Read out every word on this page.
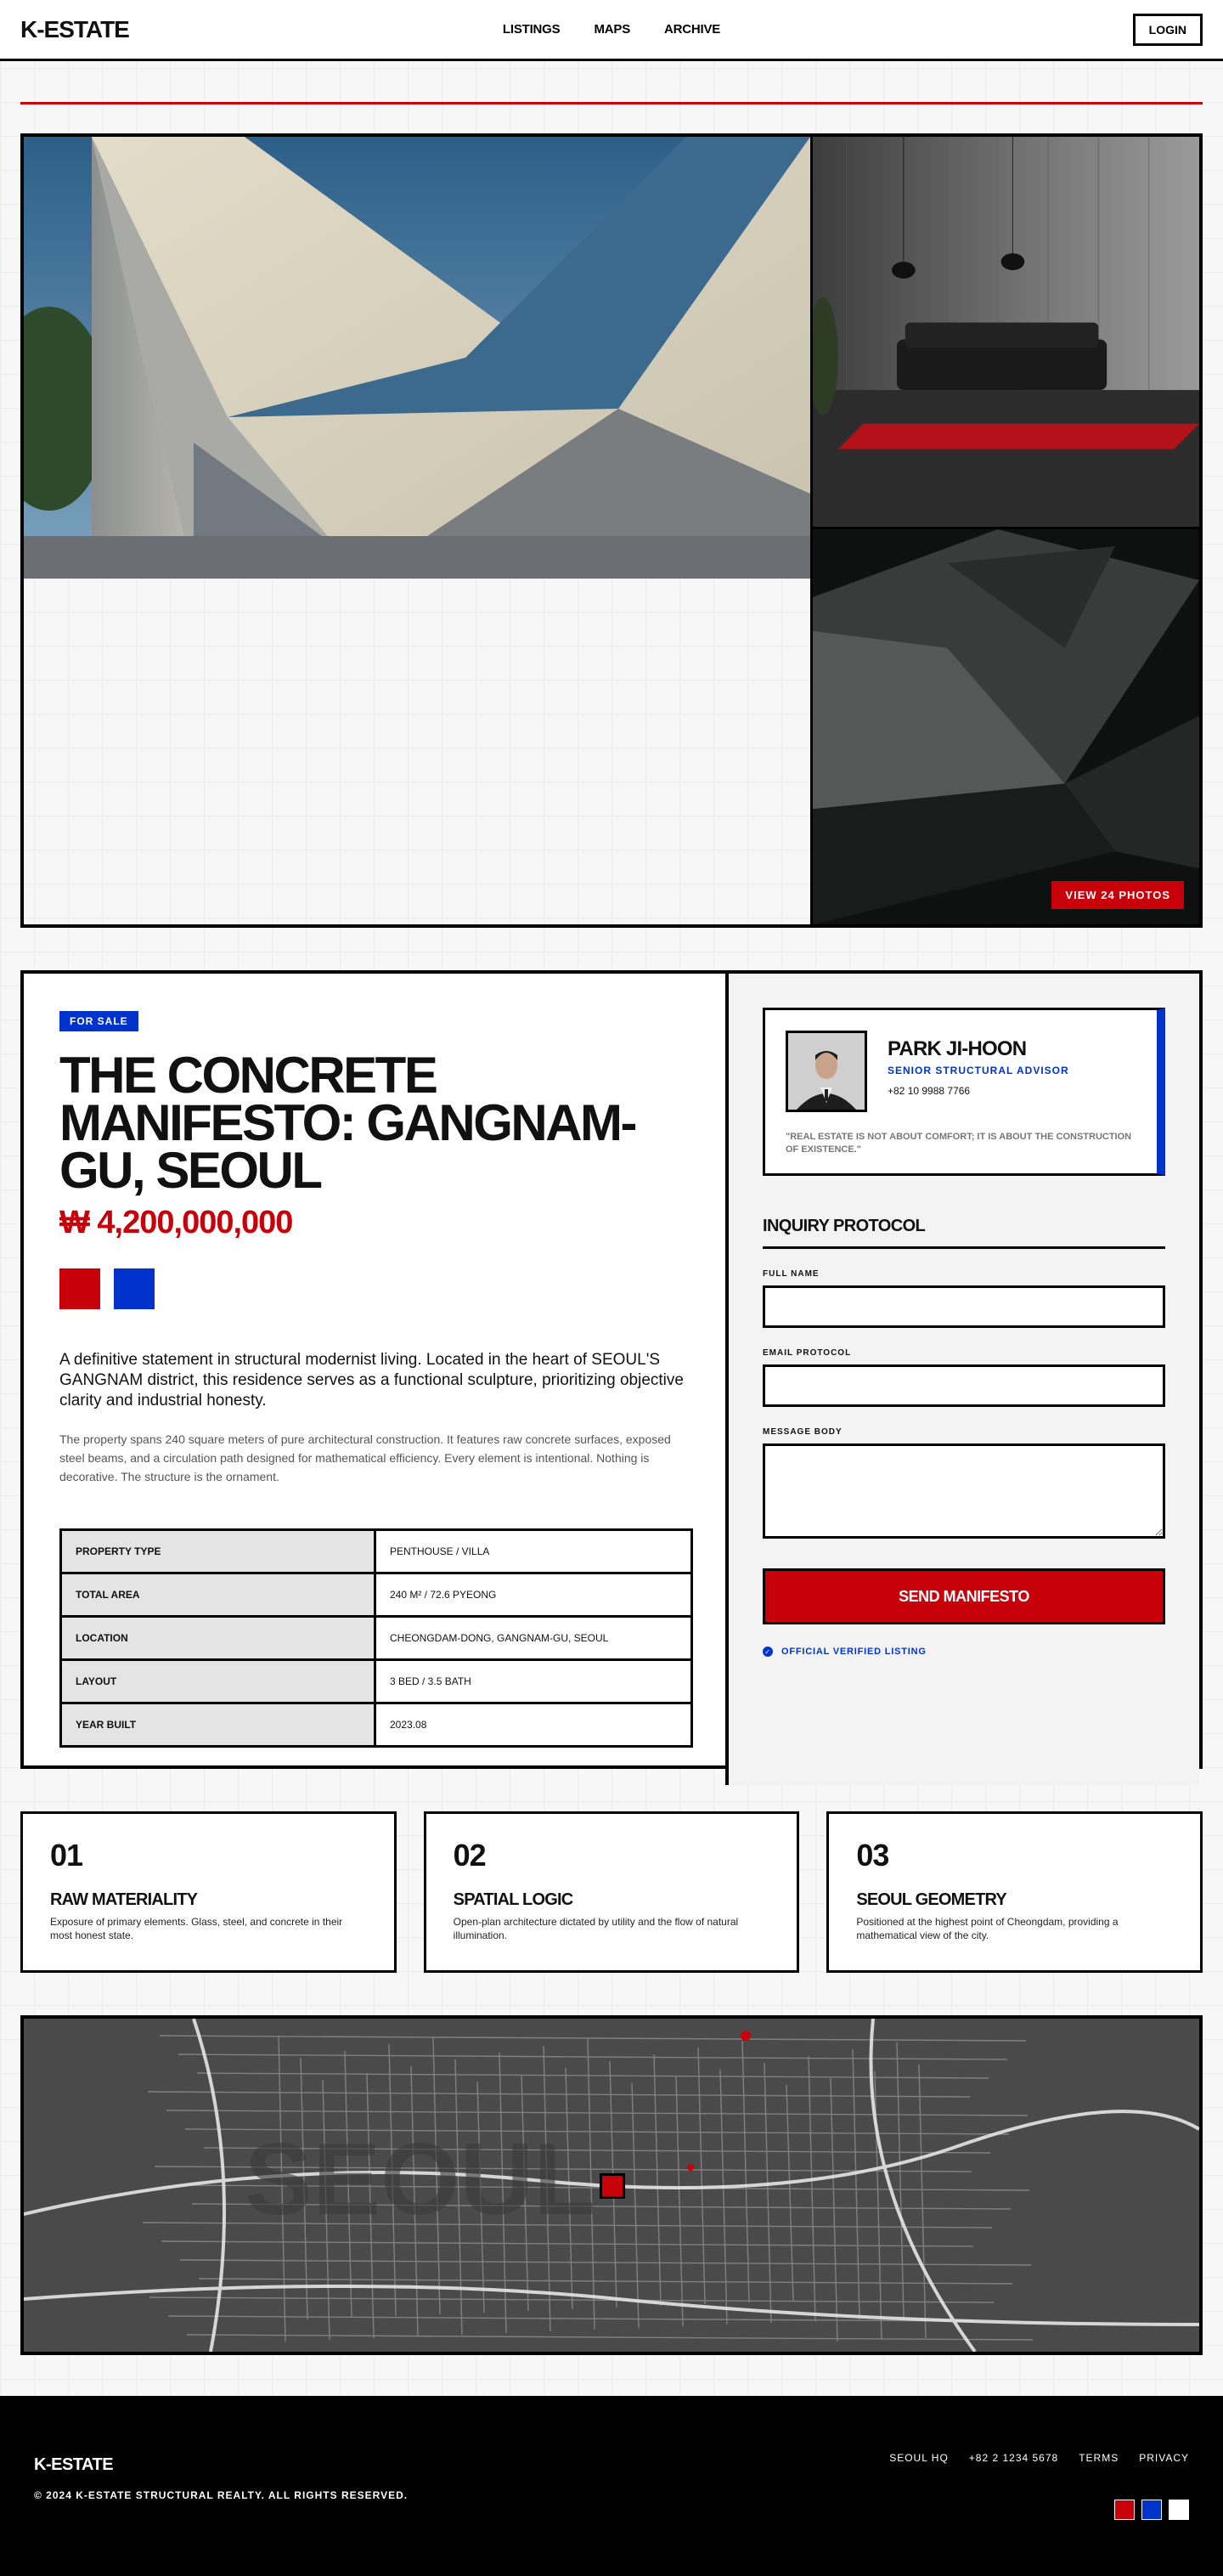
K-ESTATE	LISTINGS	MAPS	ARCHIVE	LOGIN
VIEW 24 PHOTOS
FOR SALE
THE CONCRETE MANIFESTO: GANGNAM-GU, SEOUL
₩ 4,200,000,000

A definitive statement in structural modernist living. Located in the heart of SEOUL'S GANGNAM district, this residence serves as a functional sculpture, prioritizing objective clarity and industrial honesty.

The property spans 240 square meters of pure architectural construction. It features raw concrete surfaces, exposed steel beams, and a circulation path designed for mathematical efficiency. Every element is intentional. Nothing is decorative. The structure is the ornament.

PROPERTY TYPE	PENTHOUSE / VILLA
TOTAL AREA	240 M² / 72.6 PYEONG
LOCATION	CHEONGDAM-DONG, GANGNAM-GU, SEOUL
LAYOUT	3 BED / 3.5 BATH
YEAR BUILT	2023.08
PARK JI-HOON
SENIOR STRUCTURAL ADVISOR
+82 10 9988 7766

"REAL ESTATE IS NOT ABOUT COMFORT; IT IS ABOUT THE CONSTRUCTION OF EXISTENCE."

INQUIRY PROTOCOL
FULL NAME
EMAIL PROTOCOL
MESSAGE BODY
SEND MANIFESTO
✓ OFFICIAL VERIFIED LISTING
01
RAW MATERIALITY

Exposure of primary elements. Glass, steel, and concrete in their most honest state.

02
SPATIAL LOGIC

Open-plan architecture dictated by utility and the flow of natural illumination.

03
SEOUL GEOMETRY

Positioned at the highest point of Cheongdam, providing a mathematical view of the city.

SEOUL
K-ESTATE
© 2024 K-ESTATE STRUCTURAL REALTY. ALL RIGHTS RESERVED.
SEOUL HQ +82 2 1234 5678 TERMS PRIVACY
